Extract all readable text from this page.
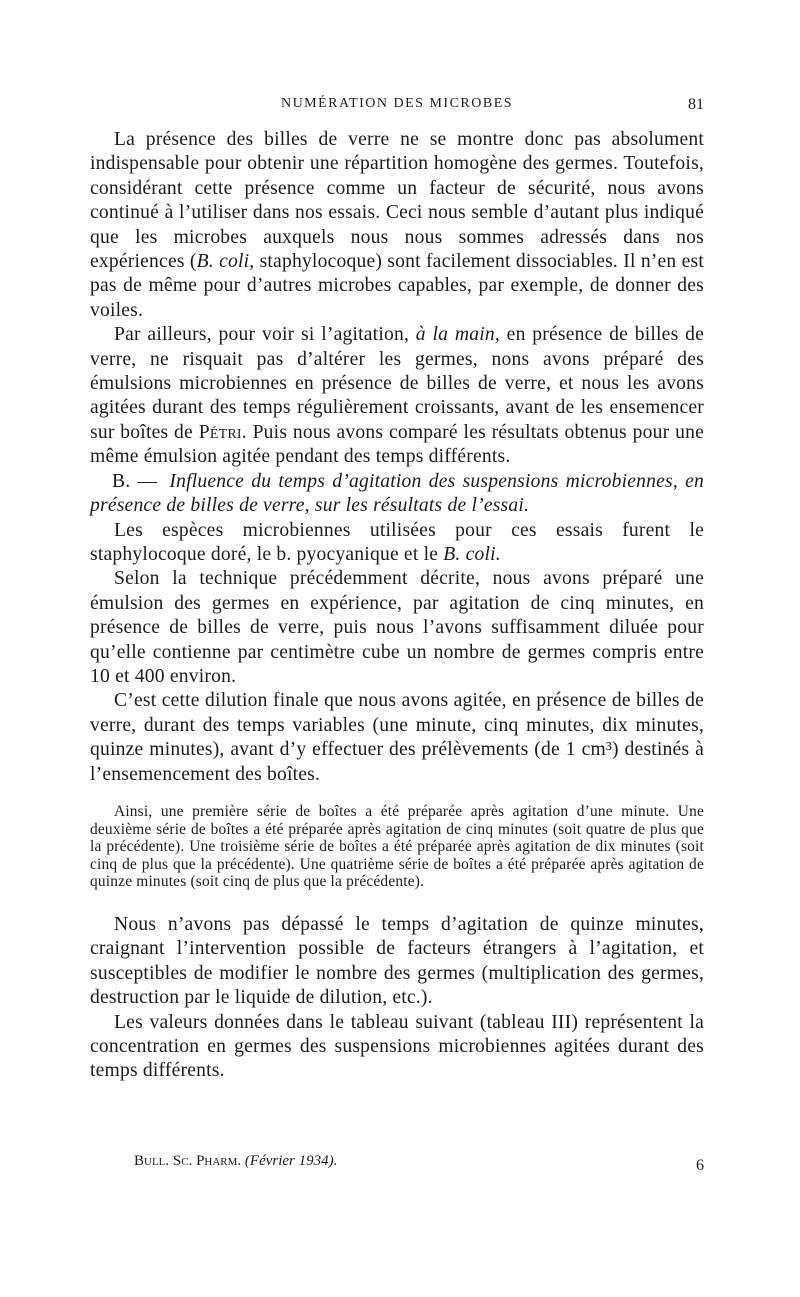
NUMÉRATION DES MICROBES	81

La présence des billes de verre ne se montre donc pas absolument indispensable pour obtenir une répartition homogène des germes. Toutefois, considérant cette présence comme un facteur de sécurité, nous avons continué à l’utiliser dans nos essais. Ceci nous semble d’autant plus indiqué que les microbes auxquels nous nous sommes adressés dans nos expériences (B. coli, staphylocoque) sont facilement dissociables. Il n’en est pas de même pour d’autres microbes capables, par exemple, de donner des voiles.

Par ailleurs, pour voir si l’agitation, à la main, en présence de billes de verre, ne risquait pas d’altérer les germes, nons avons préparé des émulsions microbiennes en présence de billes de verre, et nous les avons agitées durant des temps régulièrement croissants, avant de les ensemencer sur boîtes de Pétri. Puis nous avons comparé les résultats obtenus pour une même émulsion agitée pendant des temps différents.

B. — Influence du temps d’agitation des suspensions microbiennes, en présence de billes de verre, sur les résultats de l’essai.

Les espèces microbiennes utilisées pour ces essais furent le staphylocoque doré, le b. pyocyanique et le B. coli.

Selon la technique précédemment décrite, nous avons préparé une émulsion des germes en expérience, par agitation de cinq minutes, en présence de billes de verre, puis nous l’avons suffisamment diluée pour qu’elle contienne par centimètre cube un nombre de germes compris entre 10 et 400 environ.

C’est cette dilution finale que nous avons agitée, en présence de billes de verre, durant des temps variables (une minute, cinq minutes, dix minutes, quinze minutes), avant d’y effectuer des prélèvements (de 1 cm³) destinés à l’ensemencement des boîtes.

Ainsi, une première série de boîtes a été préparée après agitation d’une minute. Une deuxième série de boîtes a été préparée après agitation de cinq minutes (soit quatre de plus que la précédente). Une troisième série de boîtes a été préparée après agitation de dix minutes (soit cinq de plus que la précédente). Une quatrième série de boîtes a été préparée après agitation de quinze minutes (soit cinq de plus que la précédente).

Nous n’avons pas dépassé le temps d’agitation de quinze minutes, craignant l’intervention possible de facteurs étrangers à l’agitation, et susceptibles de modifier le nombre des germes (multiplication des germes, destruction par le liquide de dilution, etc.).

Les valeurs données dans le tableau suivant (tableau III) représentent la concentration en germes des suspensions microbiennes agitées durant des temps différents.

Bull. Sc. Pharm. (Février 1934).	6
